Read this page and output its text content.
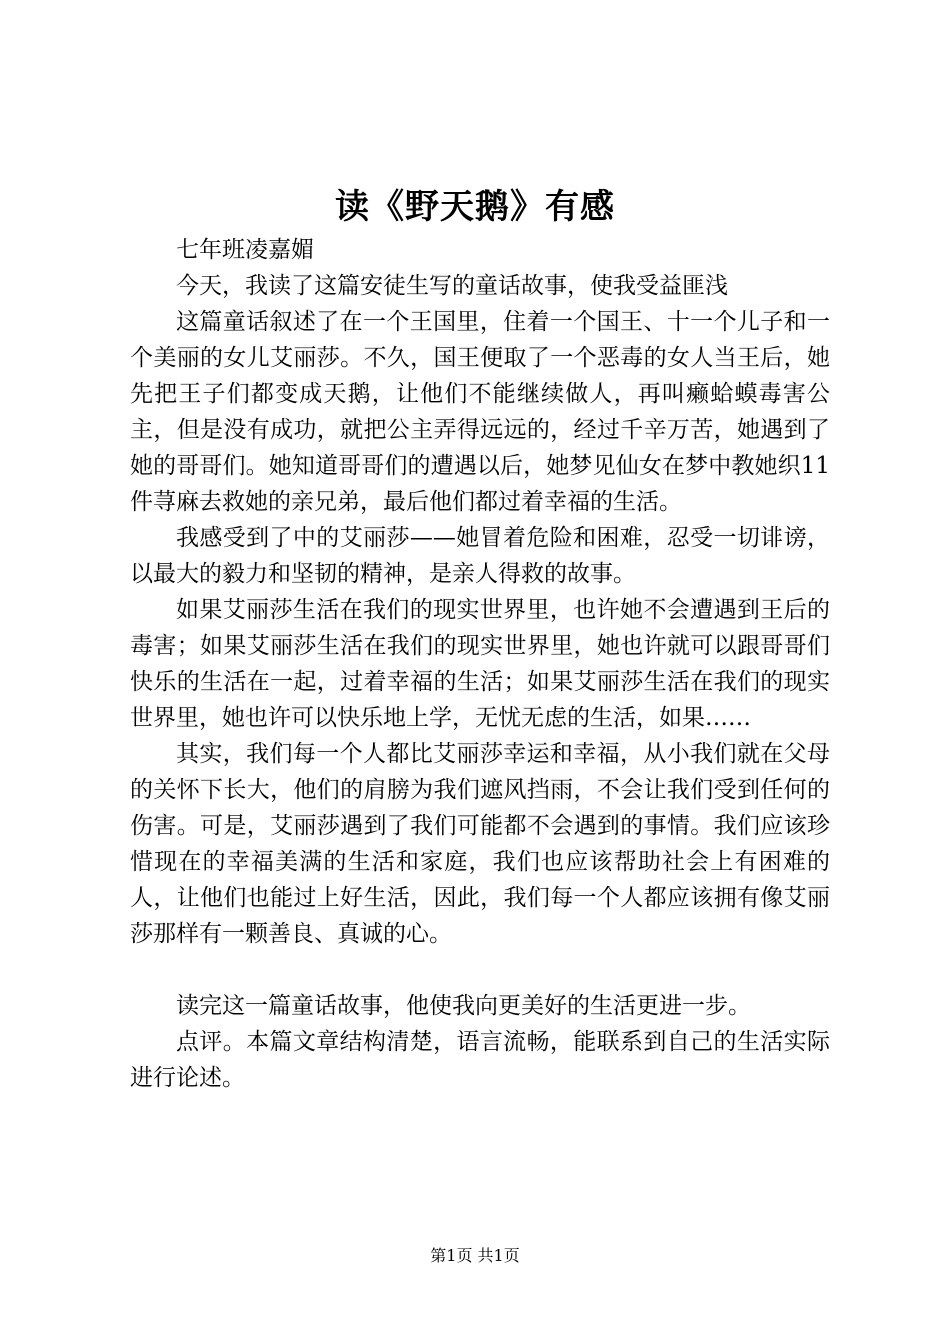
读《野天鹅》有感

七年班凌嘉媚

今天，我读了这篇安徒生写的童话故事，使我受益匪浅

这篇童话叙述了在一个王国里，住着一个国王、十一个儿子和一个美丽的女儿艾丽莎。不久，国王便取了一个恶毒的女人当王后，她先把王子们都变成天鹅，让他们不能继续做人，再叫癞蛤蟆毒害公主，但是没有成功，就把公主弄得远远的，经过千辛万苦，她遇到了她的哥哥们。她知道哥哥们的遭遇以后，她梦见仙女在梦中教她织11件荨麻去救她的亲兄弟，最后他们都过着幸福的生活。

我感受到了中的艾丽莎——她冒着危险和困难，忍受一切诽谤，以最大的毅力和坚韧的精神，是亲人得救的故事。

如果艾丽莎生活在我们的现实世界里，也许她不会遭遇到王后的毒害；如果艾丽莎生活在我们的现实世界里，她也许就可以跟哥哥们快乐的生活在一起，过着幸福的生活；如果艾丽莎生活在我们的现实世界里，她也许可以快乐地上学，无忧无虑的生活，如果……

其实，我们每一个人都比艾丽莎幸运和幸福，从小我们就在父母的关怀下长大，他们的肩膀为我们遮风挡雨，不会让我们受到任何的伤害。可是，艾丽莎遇到了我们可能都不会遇到的事情。我们应该珍惜现在的幸福美满的生活和家庭，我们也应该帮助社会上有困难的人，让他们也能过上好生活，因此，我们每一个人都应该拥有像艾丽莎那样有一颗善良、真诚的心。

读完这一篇童话故事，他使我向更美好的生活更进一步。

点评。本篇文章结构清楚，语言流畅，能联系到自己的生活实际进行论述。

第1页 共1页
